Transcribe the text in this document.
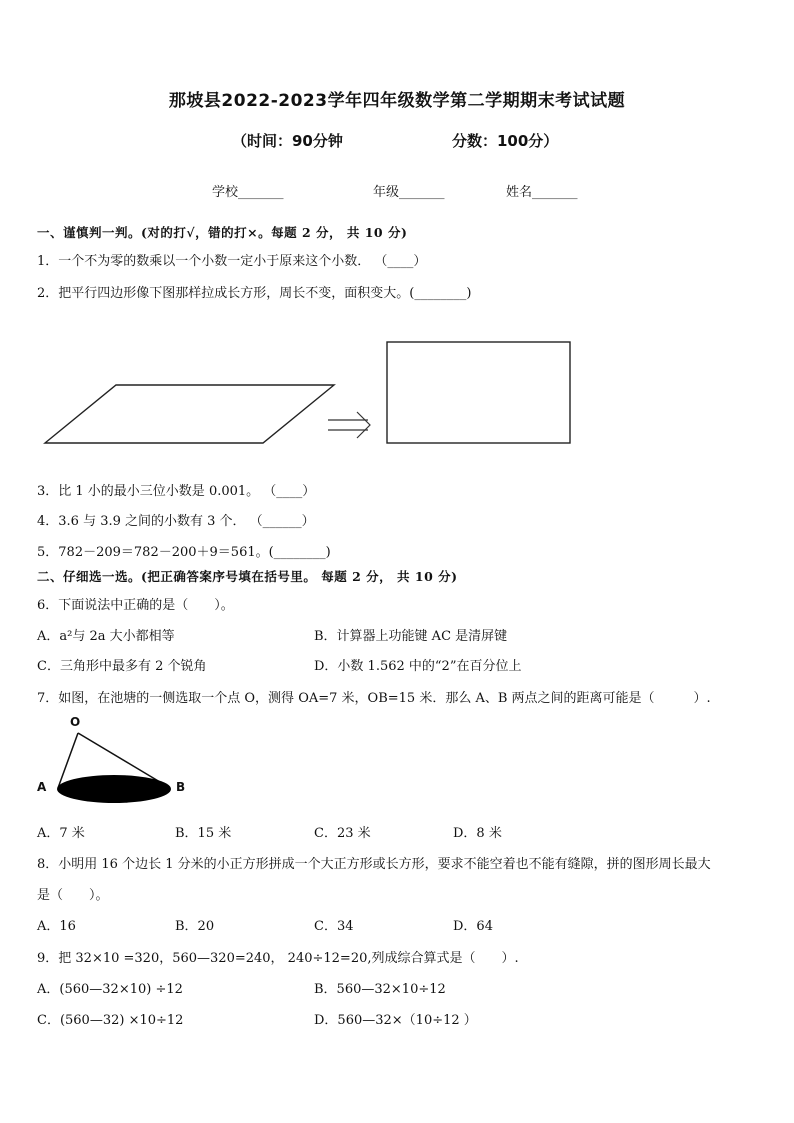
那坡县2022-2023学年四年级数学第二学期期末考试试题
（时间：90分钟	分数：100分）
学校_______	年级_______	姓名_______
一、谨慎判一判。(对的打√，错的打×。每题 2 分， 共 10 分)
1．一个不为零的数乘以一个小数一定小于原来这个小数． （____）
2．把平行四边形像下图那样拉成长方形，周长不变，面积变大。(________)
3．比 1 小的最小三位小数是 0.001。 （____）
4．3.6 与 3.9 之间的小数有 3 个． （______）
5．782－209＝782－200＋9＝561。(________)
二、仔细选一选。(把正确答案序号填在括号里。 每题 2 分， 共 10 分)
6．下面说法中正确的是（　　）。
A．a²与 2a 大小都相等	B．计算器上功能键 AC 是清屏键
C．三角形中最多有 2 个锐角	D．小数 1.562 中的“2”在百分位上
7．如图，在池塘的一侧选取一个点 O，测得 OA=7 米，OB=15 米．那么 A、B 两点之间的距离可能是（　　　）.
O
A	B
A．7 米	B．15 米	C．23 米	D．8 米
8．小明用 16 个边长 1 分米的小正方形拼成一个大正方形或长方形，要求不能空着也不能有缝隙，拼的图形周长最大
是（　　）。
A．16	B．20	C．34	D．64
9．把 32×10 =320，560—320=240， 240÷12=20,列成综合算式是（　　）.
A．(560—32×10) ÷12	B．560—32×10÷12
C．(560—32) ×10÷12	D．560—32×（10÷12 ）
